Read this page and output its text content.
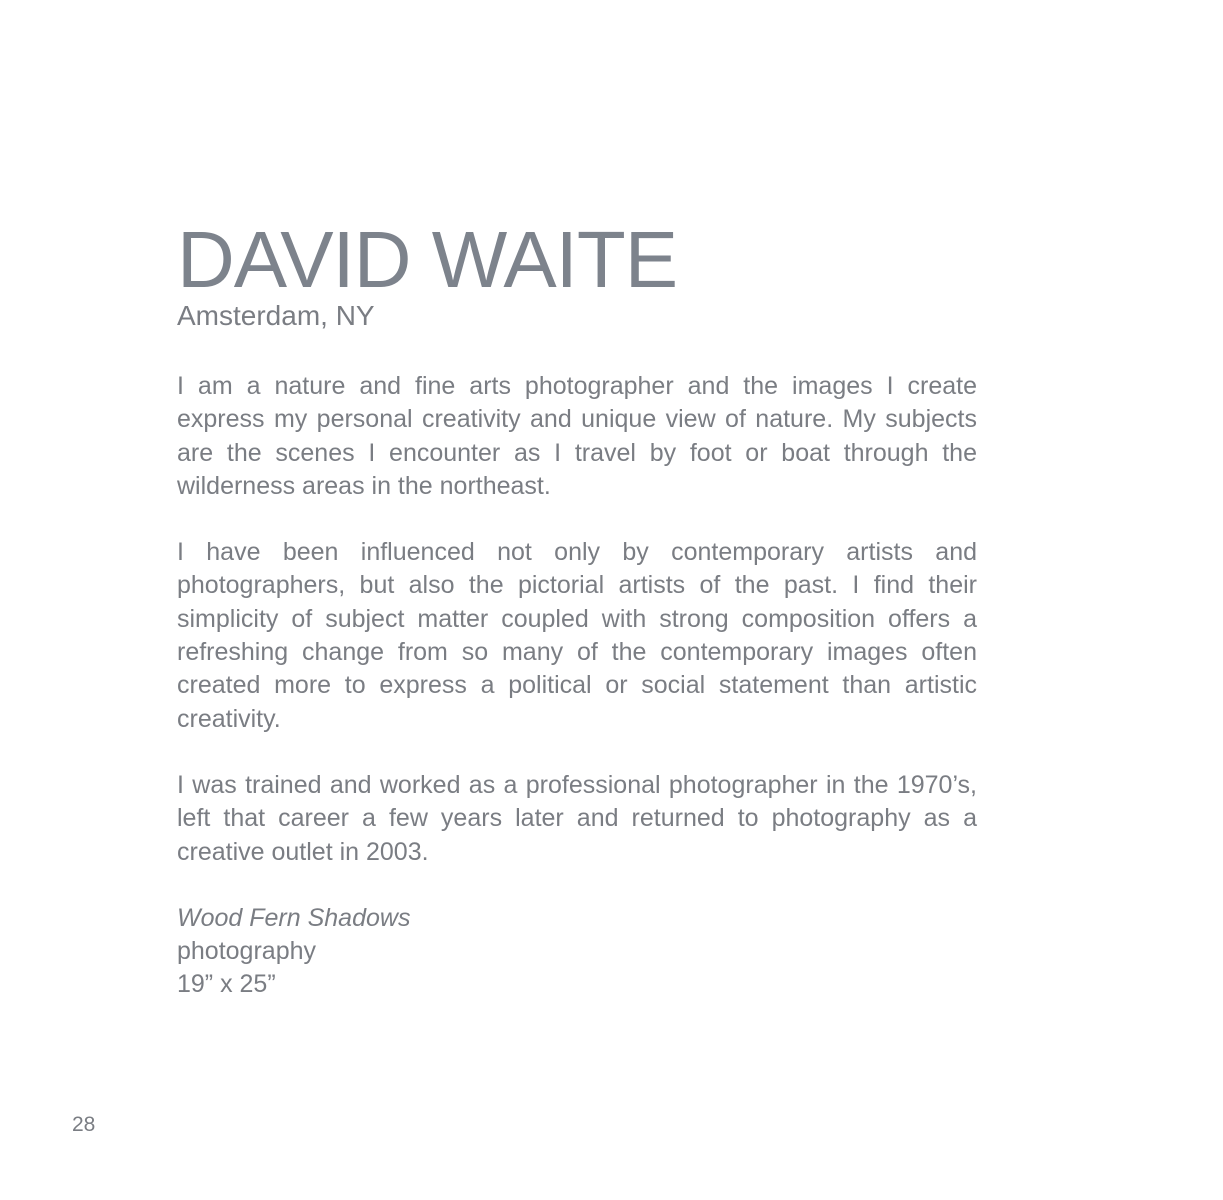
DAVID WAITE
Amsterdam, NY

I am a nature and fine arts photographer and the images I create express my personal creativity and unique view of nature. My subjects are the scenes I encounter as I travel by foot or boat through the wilderness areas in the northeast.

I have been influenced not only by contemporary artists and photographers, but also the pictorial artists of the past. I find their simplicity of subject matter coupled with strong composition offers a refreshing change from so many of the contemporary images often created more to express a political or social statement than artistic creativity.

I was trained and worked as a professional photographer in the 1970’s, left that career a few years later and returned to photography as a creative outlet in 2003.

Wood Fern Shadows
photography
19” x 25”
28
